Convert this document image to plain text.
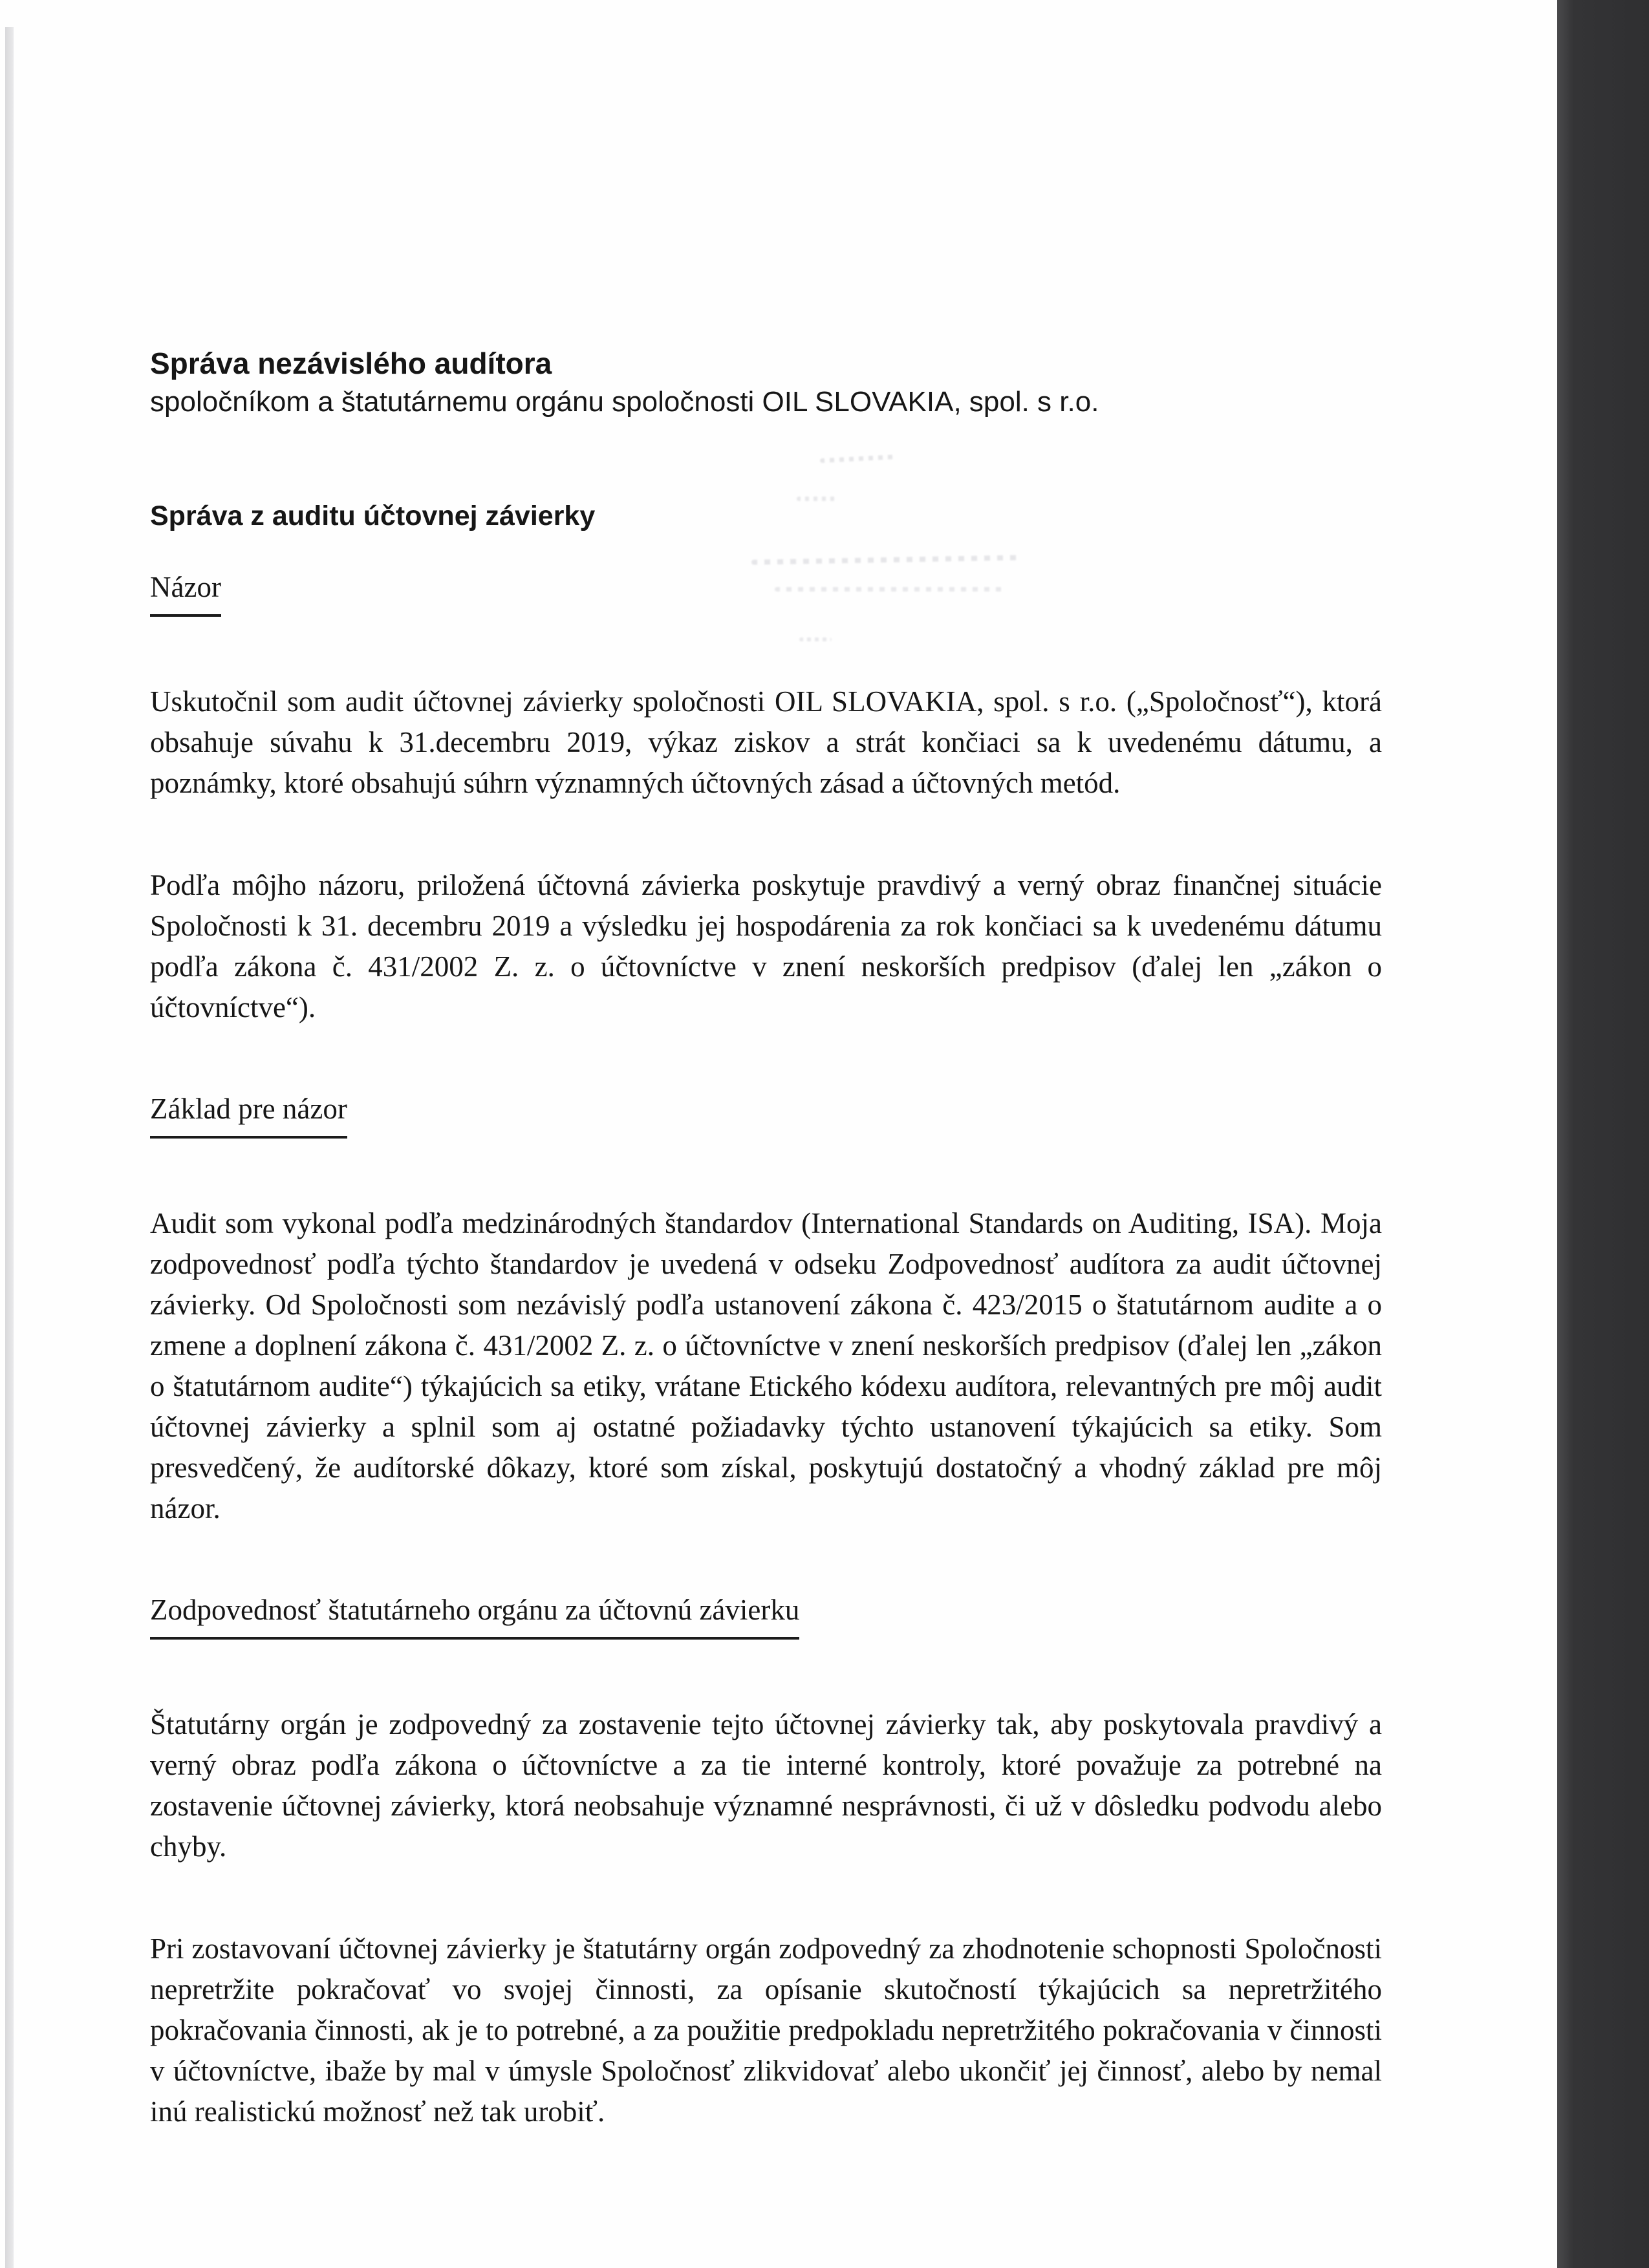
Správa nezávislého audítora
spoločníkom a štatutárnemu orgánu spoločnosti OIL SLOVAKIA, spol. s r.o.
Správa z auditu účtovnej závierky
Názor

Uskutočnil som audit účtovnej závierky spoločnosti OIL SLOVAKIA, spol. s r.o. („Spoločnosť“), ktorá obsahuje súvahu k 31.decembru 2019, výkaz ziskov a strát končiaci sa k uvedenému dátumu, a poznámky, ktoré obsahujú súhrn významných účtovných zásad a účtovných metód.

Podľa môjho názoru, priložená účtovná závierka poskytuje pravdivý a verný obraz finančnej situácie Spoločnosti k 31. decembru 2019 a výsledku jej hospodárenia za rok končiaci sa k uvedenému dátumu podľa zákona č. 431/2002 Z. z. o účtovníctve v znení neskorších predpisov (ďalej len „zákon o účtovníctve“).

Základ pre názor

Audit som vykonal podľa medzinárodných štandardov (International Standards on Auditing, ISA). Moja zodpovednosť podľa týchto štandardov je uvedená v odseku Zodpovednosť audítora za audit účtovnej závierky. Od Spoločnosti som nezávislý podľa ustanovení zákona č. 423/2015 o štatutárnom audite a o zmene a doplnení zákona č. 431/2002 Z. z. o účtovníctve v znení neskorších predpisov (ďalej len „zákon o štatutárnom audite“) týkajúcich sa etiky, vrátane Etického kódexu audítora, relevantných pre môj audit účtovnej závierky a splnil som aj ostatné požiadavky týchto ustanovení týkajúcich sa etiky. Som presvedčený, že audítorské dôkazy, ktoré som získal, poskytujú dostatočný a vhodný základ pre môj názor.

Zodpovednosť štatutárneho orgánu za účtovnú závierku

Štatutárny orgán je zodpovedný za zostavenie tejto účtovnej závierky tak, aby poskytovala pravdivý a verný obraz podľa zákona o účtovníctve a za tie interné kontroly, ktoré považuje za potrebné na zostavenie účtovnej závierky, ktorá neobsahuje významné nesprávnosti, či už v dôsledku podvodu alebo chyby.

Pri zostavovaní účtovnej závierky je štatutárny orgán zodpovedný za zhodnotenie schopnosti Spoločnosti nepretržite pokračovať vo svojej činnosti, za opísanie skutočností týkajúcich sa nepretržitého pokračovania činnosti, ak je to potrebné, a za použitie predpokladu nepretržitého pokračovania v činnosti v účtovníctve, ibaže by mal v úmysle Spoločnosť zlikvidovať alebo ukončiť jej činnosť, alebo by nemal inú realistickú možnosť než tak urobiť.
